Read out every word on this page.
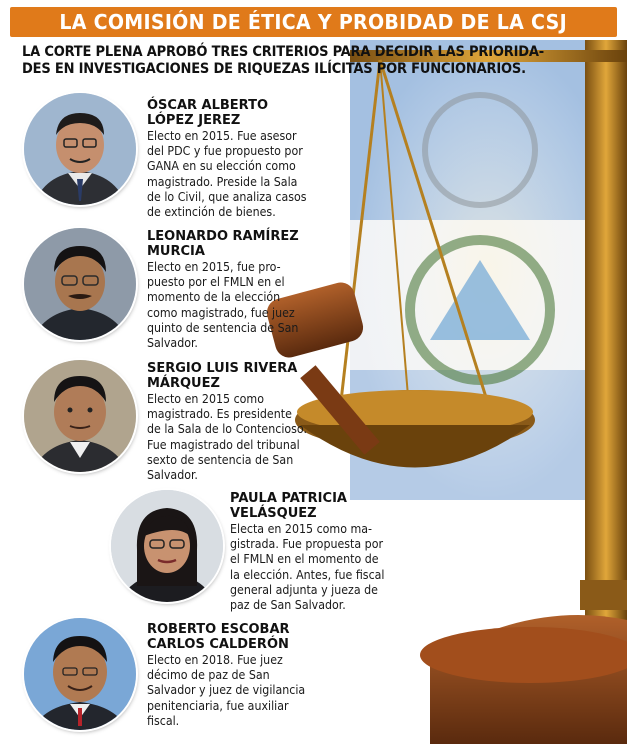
LA COMISIÓN DE ÉTICA Y PROBIDAD DE LA CSJ
LA CORTE PLENA APROBÓ TRES CRITERIOS PARA DECIDIR LAS PRIORIDA-
DES EN INVESTIGACIONES DE RIQUEZAS ILÍCITAS POR FUNCIONARIOS.
ÓSCAR ALBERTO
LÓPEZ JEREZ

Electo en 2015. Fue asesor
del PDC y fue propuesto por
GANA en su elección como
magistrado. Preside la Sala
de lo Civil, que analiza casos
de extinción de bienes.

LEONARDO RAMÍREZ
MURCIA

Electo en 2015, fue pro-
puesto por el FMLN en el
momento de la elección
como magistrado, fue juez
quinto de sentencia de San
Salvador.

SERGIO LUIS RIVERA
MÁRQUEZ

Electo en 2015 como
magistrado. Es presidente
de la Sala de lo Contencioso.
Fue magistrado del tribunal
sexto de sentencia de San
Salvador.

PAULA PATRICIA
VELÁSQUEZ

Electa en 2015 como ma-
gistrada. Fue propuesta por
el FMLN en el momento de
la elección. Antes, fue fiscal
general adjunta y jueza de
paz de San Salvador.

ROBERTO ESCOBAR
CARLOS CALDERÓN

Electo en 2018. Fue juez
décimo de paz de San
Salvador y juez de vigilancia
penitenciaria, fue auxiliar
fiscal.
